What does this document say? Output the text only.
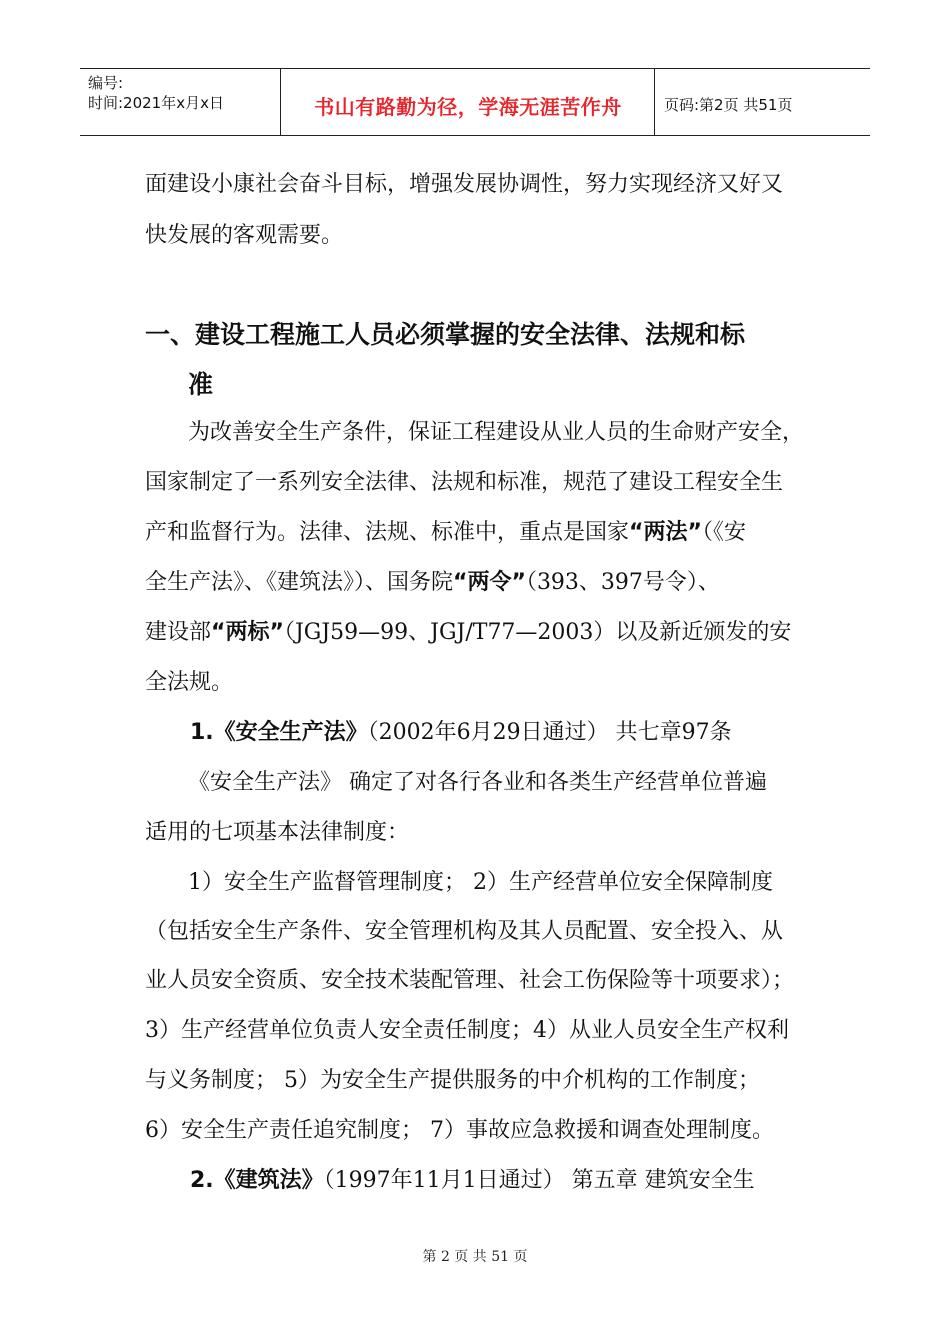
编号:
时间:2021年x月x日	书山有路勤为径，学海无涯苦作舟	页码:第2页 共51页
面建设小康社会奋斗目标，增强发展协调性，努力实现经济又好又
快发展的客观需要。
一、建设工程施工人员必须掌握的安全法律、法规和标
准
为改善安全生产条件，保证工程建设从业人员的生命财产安全，
国家制定了一系列安全法律、法规和标准，规范了建设工程安全生
产和监督行为。法律、法规、标准中，重点是国家“两法”（《安
全生产法》、《建筑法》）、国务院“两令”（393、397号令）、
建设部“两标”（JGJ59—99、JGJ/T77—2003）以及新近颁发的安
全法规。
1.《安全生产法》（2002年6月29日通过） 共七章97条
《安全生产法》 确定了对各行各业和各类生产经营单位普遍
适用的七项基本法律制度：
1）安全生产监督管理制度； 2）生产经营单位安全保障制度
（包括安全生产条件、安全管理机构及其人员配置、安全投入、从
业人员安全资质、安全技术装配管理、社会工伤保险等十项要求）；
3）生产经营单位负责人安全责任制度；4）从业人员安全生产权利
与义务制度； 5）为安全生产提供服务的中介机构的工作制度；
6）安全生产责任追究制度； 7）事故应急救援和调查处理制度。
2.《建筑法》（1997年11月1日通过） 第五章 建筑安全生
第 2 页 共 51 页
